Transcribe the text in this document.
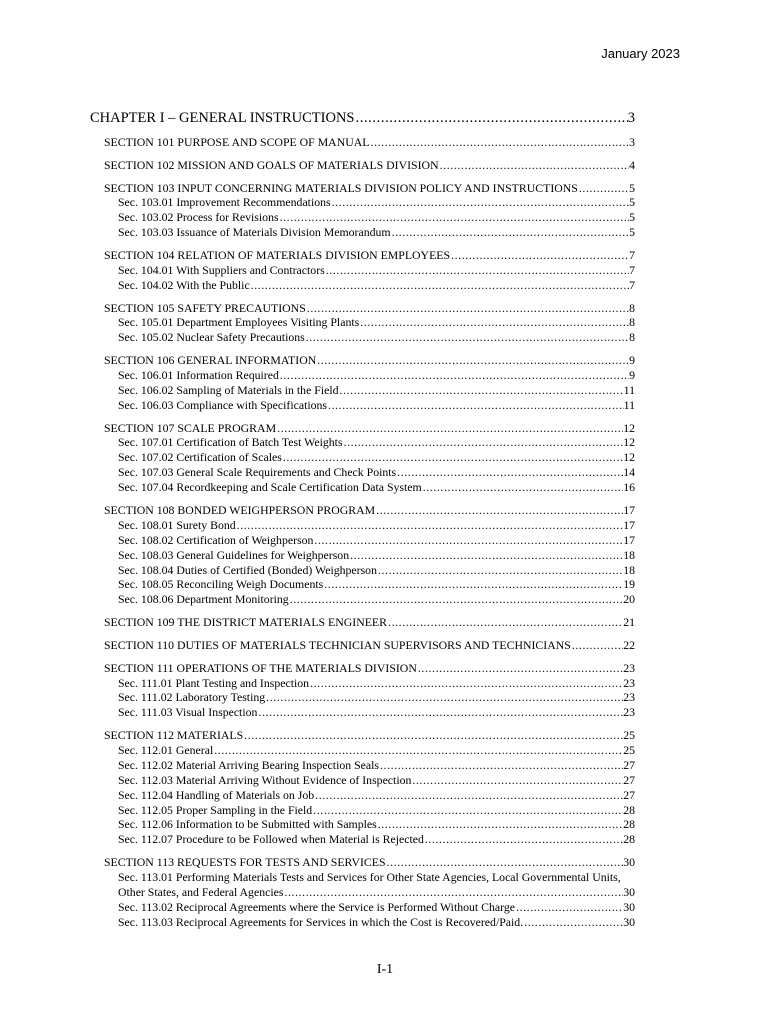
January 2023
CHAPTER I – GENERAL INSTRUCTIONS .....	3
SECTION 101 PURPOSE AND SCOPE OF MANUAL .....	3
SECTION 102 MISSION AND GOALS OF MATERIALS DIVISION .....	4
SECTION 103 INPUT CONCERNING MATERIALS DIVISION POLICY AND INSTRUCTIONS .....	5
Sec. 103.01 Improvement Recommendations .....	5
Sec. 103.02 Process for Revisions .....	5
Sec. 103.03 Issuance of Materials Division Memorandum .....	5
SECTION 104 RELATION OF MATERIALS DIVISION EMPLOYEES .....	7
Sec. 104.01 With Suppliers and Contractors .....	7
Sec. 104.02 With the Public .....	7
SECTION 105 SAFETY PRECAUTIONS .....	8
Sec. 105.01 Department Employees Visiting Plants .....	8
Sec. 105.02 Nuclear Safety Precautions .....	8
SECTION 106 GENERAL INFORMATION .....	9
Sec. 106.01 Information Required .....	9
Sec. 106.02 Sampling of Materials in the Field .....	11
Sec. 106.03 Compliance with Specifications .....	11
SECTION 107 SCALE PROGRAM .....	12
Sec. 107.01 Certification of Batch Test Weights .....	12
Sec. 107.02 Certification of Scales .....	12
Sec. 107.03 General Scale Requirements and Check Points .....	14
Sec. 107.04 Recordkeeping and Scale Certification Data System .....	16
SECTION 108 BONDED WEIGHPERSON PROGRAM .....	17
Sec. 108.01 Surety Bond .....	17
Sec. 108.02 Certification of Weighperson .....	17
Sec. 108.03 General Guidelines for Weighperson .....	18
Sec. 108.04 Duties of Certified (Bonded) Weighperson .....	18
Sec. 108.05 Reconciling Weigh Documents .....	19
Sec. 108.06 Department Monitoring .....	20
SECTION 109 THE DISTRICT MATERIALS ENGINEER .....	21
SECTION 110 DUTIES OF MATERIALS TECHNICIAN SUPERVISORS AND TECHNICIANS .....	22
SECTION 111 OPERATIONS OF THE MATERIALS DIVISION .....	23
Sec. 111.01 Plant Testing and Inspection .....	23
Sec. 111.02 Laboratory Testing .....	23
Sec. 111.03 Visual Inspection .....	23
SECTION 112 MATERIALS .....	25
Sec. 112.01 General .....	25
Sec. 112.02 Material Arriving Bearing Inspection Seals .....	27
Sec. 112.03 Material Arriving Without Evidence of Inspection .....	27
Sec. 112.04 Handling of Materials on Job .....	27
Sec. 112.05 Proper Sampling in the Field .....	28
Sec. 112.06 Information to be Submitted with Samples .....	28
Sec. 112.07 Procedure to be Followed when Material is Rejected .....	28
SECTION 113 REQUESTS FOR TESTS AND SERVICES .....	30
Sec. 113.01 Performing Materials Tests and Services for Other State Agencies, Local Governmental Units,
Other States, and Federal Agencies .....	30
Sec. 113.02 Reciprocal Agreements where the Service is Performed Without Charge .....	30
Sec. 113.03 Reciprocal Agreements for Services in which the Cost is Recovered/Paid. .....	30
I-1
